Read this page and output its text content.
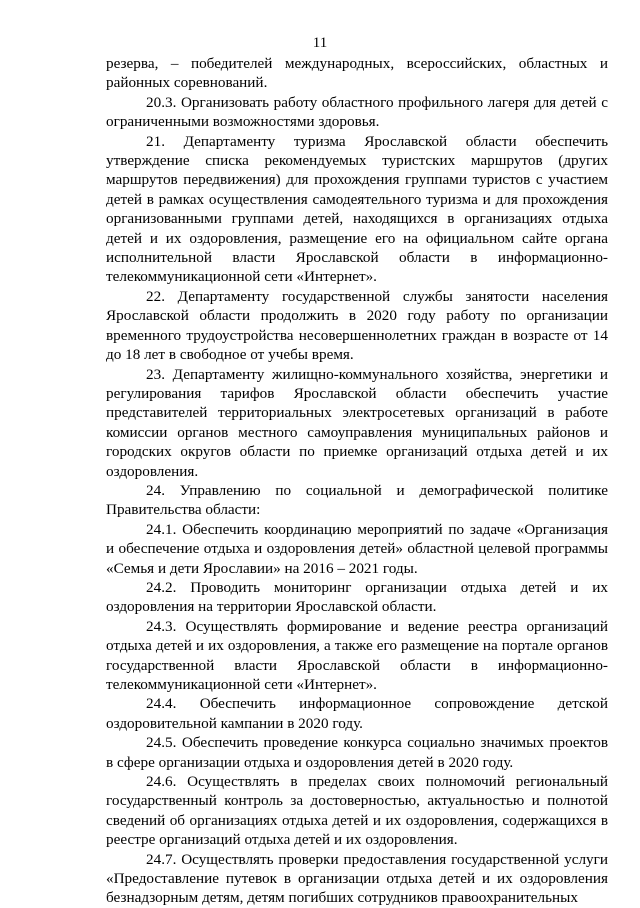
11

резерва, – победителей международных, всероссийских, областных и районных соревнований.

20.3. Организовать работу областного профильного лагеря для детей с ограниченными возможностями здоровья.

21. Департаменту туризма Ярославской области обеспечить утверждение списка рекомендуемых туристских маршрутов (других маршрутов передвижения) для прохождения группами туристов с участием детей в рамках осуществления самодеятельного туризма и для прохождения организованными группами детей, находящихся в организациях отдыха детей и их оздоровления, размещение его на официальном сайте органа исполнительной власти Ярославской области в информационно-телекоммуникационной сети «Интернет».

22. Департаменту государственной службы занятости населения Ярославской области продолжить в 2020 году работу по организации временного трудоустройства несовершеннолетних граждан в возрасте от 14 до 18 лет в свободное от учебы время.

23. Департаменту жилищно-коммунального хозяйства, энергетики и регулирования тарифов Ярославской области обеспечить участие представителей территориальных электросетевых организаций в работе комиссии органов местного самоуправления муниципальных районов и городских округов области по приемке организаций отдыха детей и их оздоровления.

24. Управлению по социальной и демографической политике Правительства области:

24.1. Обеспечить координацию мероприятий по задаче «Организация и обеспечение отдыха и оздоровления детей» областной целевой программы «Семья и дети Ярославии» на 2016 – 2021 годы.

24.2. Проводить мониторинг организации отдыха детей и их оздоровления на территории Ярославской области.

24.3. Осуществлять формирование и ведение реестра организаций отдыха детей и их оздоровления, а также его размещение на портале органов государственной власти Ярославской области в информационно-телекоммуникационной сети «Интернет».

24.4. Обеспечить информационное сопровождение детской оздоровительной кампании в 2020 году.

24.5. Обеспечить проведение конкурса социально значимых проектов в сфере организации отдыха и оздоровления детей в 2020 году.

24.6. Осуществлять в пределах своих полномочий региональный государственный контроль за достоверностью, актуальностью и полнотой сведений об организациях отдыха детей и их оздоровления, содержащихся в реестре организаций отдыха детей и их оздоровления.

24.7. Осуществлять проверки предоставления государственной услуги «Предоставление путевок в организации отдыха детей и их оздоровления безнадзорным детям, детям погибших сотрудников правоохранительных
